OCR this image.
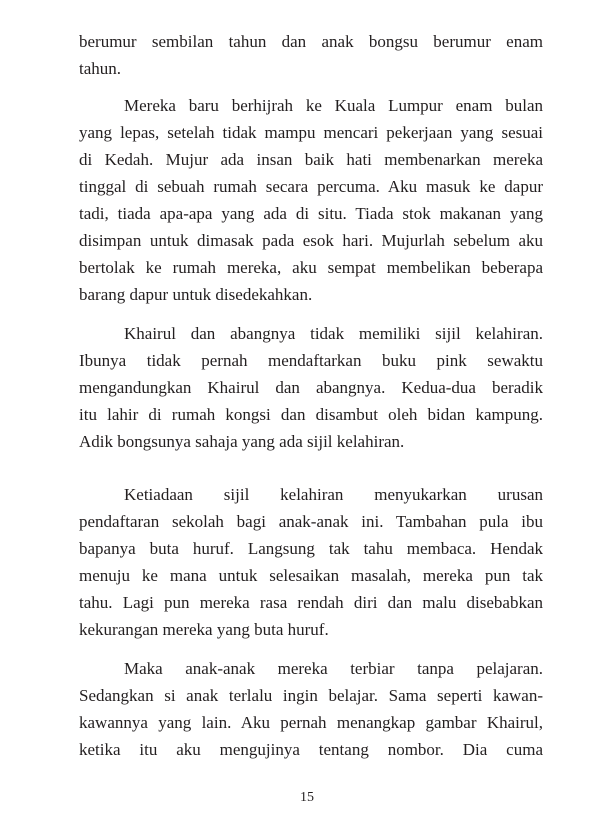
berumur sembilan tahun dan anak bongsu berumur enam
tahun.
Mereka baru berhijrah ke Kuala Lumpur enam bulan
yang lepas, setelah tidak mampu mencari pekerjaan yang sesuai
di Kedah. Mujur ada insan baik hati membenarkan mereka
tinggal di sebuah rumah secara percuma. Aku masuk ke dapur
tadi, tiada apa-apa yang ada di situ. Tiada stok makanan yang
disimpan untuk dimasak pada esok hari. Mujurlah sebelum aku
bertolak ke rumah mereka, aku sempat membelikan beberapa
barang dapur untuk disedekahkan.
Khairul dan abangnya tidak memiliki sijil kelahiran.
Ibunya tidak pernah mendaftarkan buku pink sewaktu
mengandungkan Khairul dan abangnya. Kedua-dua beradik
itu lahir di rumah kongsi dan disambut oleh bidan kampung.
Adik bongsunya sahaja yang ada sijil kelahiran.
Ketiadaan sijil kelahiran menyukarkan urusan
pendaftaran sekolah bagi anak-anak ini. Tambahan pula ibu
bapanya buta huruf. Langsung tak tahu membaca. Hendak
menuju ke mana untuk selesaikan masalah, mereka pun tak
tahu. Lagi pun mereka rasa rendah diri dan malu disebabkan
kekurangan mereka yang buta huruf.
Maka anak-anak mereka terbiar tanpa pelajaran.
Sedangkan si anak terlalu ingin belajar. Sama seperti kawan-
kawannya yang lain. Aku pernah menangkap gambar Khairul,
ketika itu aku mengujinya tentang nombor. Dia cuma
15
